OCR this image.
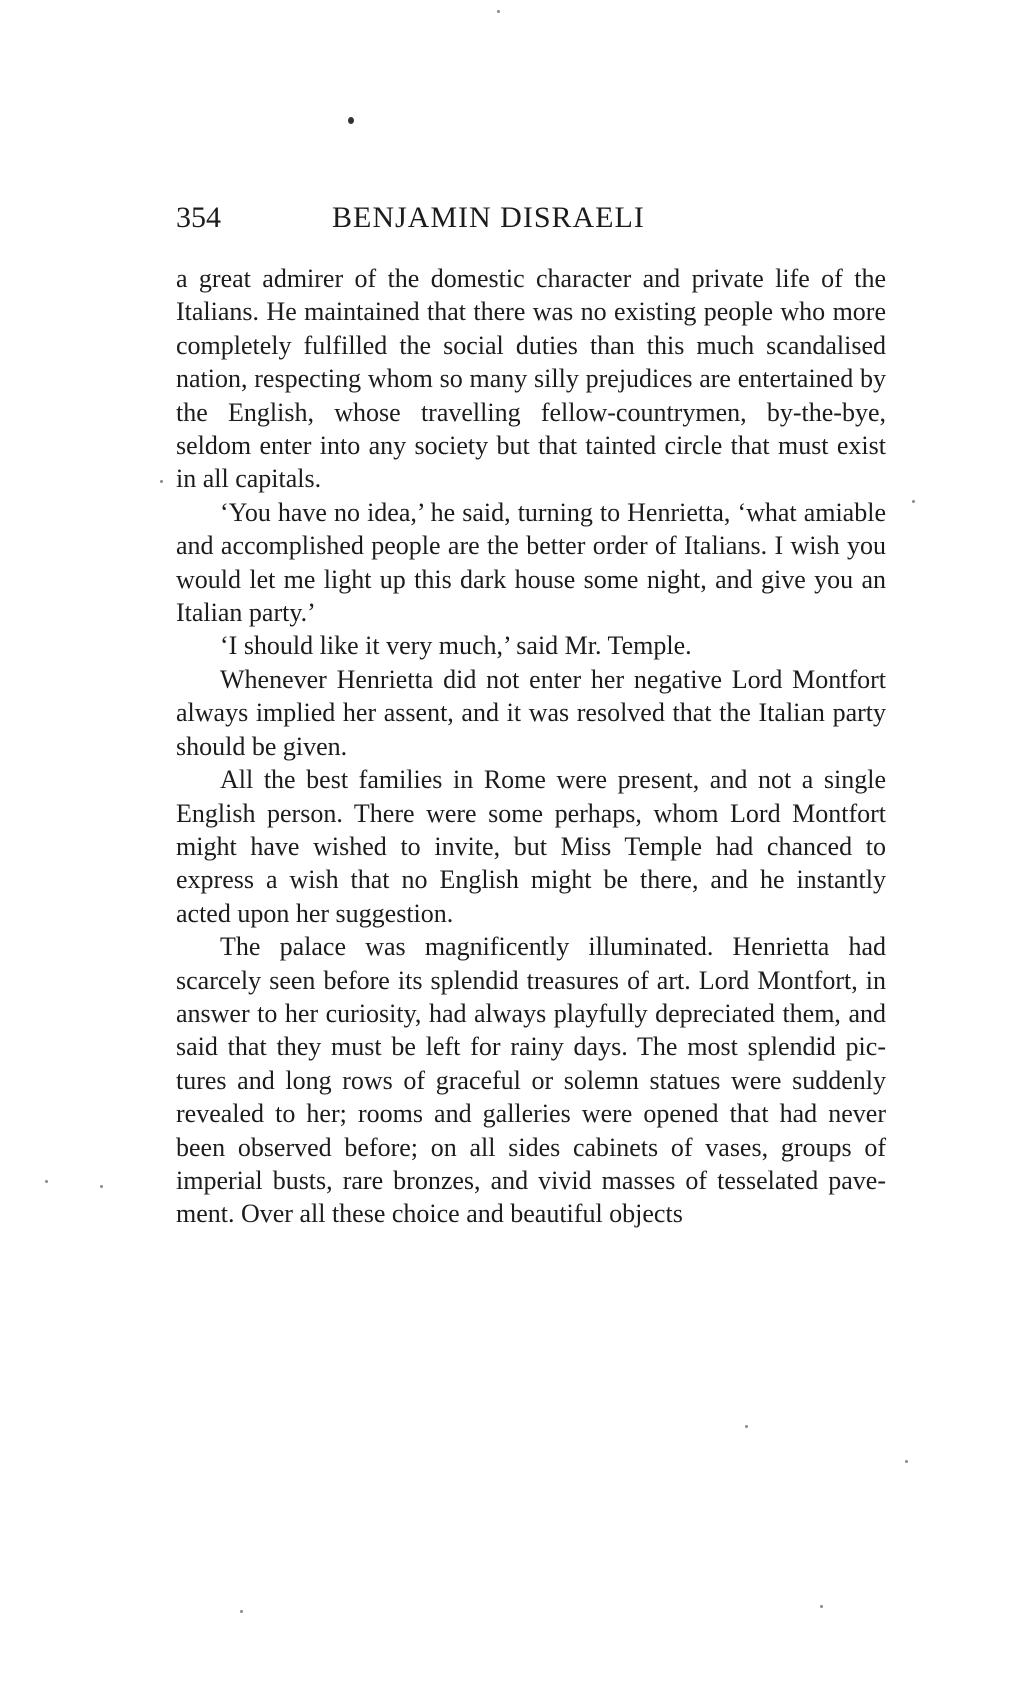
354	BENJAMIN DISRAELI

a great admirer of the domestic character and private life of the Italians. He maintained that there was no existing people who more completely fulfilled the social duties than this much scandalised nation, respecting whom so many silly prejudices are entertained by the English, whose travelling fellow-countrymen, by-the-bye, seldom enter into any society but that tainted circle that must exist in all capitals.

‘You have no idea,’ he said, turning to Henrietta, ‘what amiable and accomplished people are the better order of Italians. I wish you would let me light up this dark house some night, and give you an Italian party.’

‘I should like it very much,’ said Mr. Temple.

Whenever Henrietta did not enter her negative Lord Montfort always implied her assent, and it was resolved that the Italian party should be given.

All the best families in Rome were present, and not a single English person. There were some perhaps, whom Lord Montfort might have wished to invite, but Miss Temple had chanced to express a wish that no English might be there, and he instantly acted upon her suggestion.

The palace was magnificently illuminated. Henrietta had scarcely seen before its splendid treasures of art. Lord Montfort, in answer to her curiosity, had always playfully depreciated them, and said that they must be left for rainy days. The most splendid pictures and long rows of graceful or solemn statues were suddenly revealed to her; rooms and galleries were opened that had never been observed before; on all sides cabinets of vases, groups of imperial busts, rare bronzes, and vivid masses of tesselated pavement. Over all these choice and beautiful objects
